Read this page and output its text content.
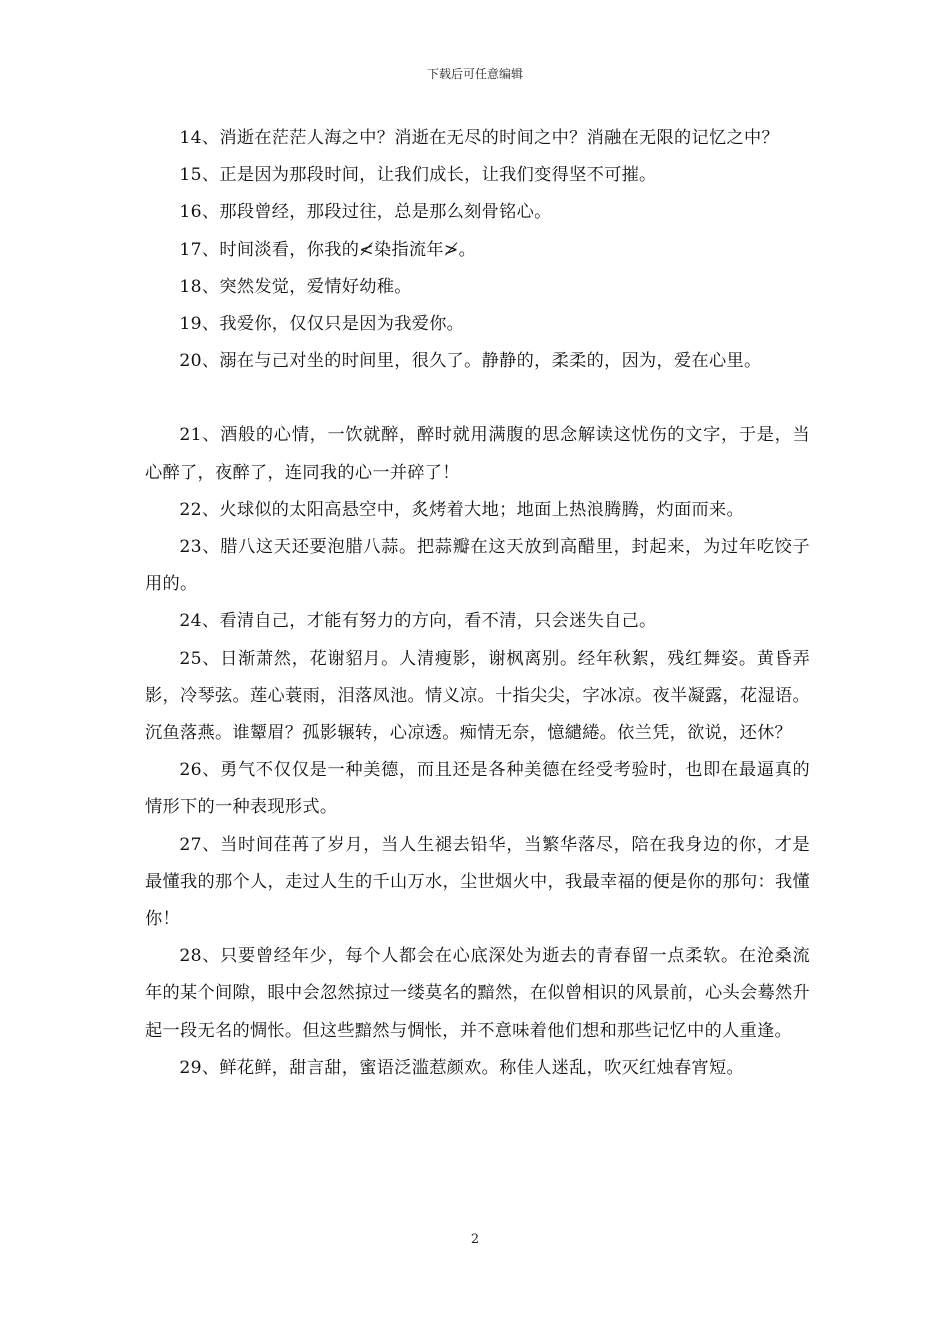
下载后可任意编辑

14、消逝在茫茫人海之中？消逝在无尽的时间之中？消融在无限的记忆之中？

15、正是因为那段时间，让我们成长，让我们变得坚不可摧。

16、那段曾经，那段过往，总是那么刻骨铭心。

17、时间淡看，你我的≮染指流年≯。

18、突然发觉，爱情好幼稚。

19、我爱你，仅仅只是因为我爱你。

20、溺在与己对坐的时间里，很久了。静静的，柔柔的，因为，爱在心里。

21、酒般的心情，一饮就醉，醉时就用满腹的思念解读这忧伤的文字，于是，当心醉了，夜醉了，连同我的心一并碎了！

22、火球似的太阳高悬空中，炙烤着大地；地面上热浪腾腾，灼面而来。

23、腊八这天还要泡腊八蒜。把蒜瓣在这天放到高醋里，封起来，为过年吃饺子用的。

24、看清自己，才能有努力的方向，看不清，只会迷失自己。

25、日渐萧然，花谢貂月。人清瘦影，谢枫离别。经年秋絮，残红舞姿。黄昏弄影，冷琴弦。莲心蓑雨，泪落凤池。情义凉。十指尖尖，字冰凉。夜半凝露，花湿语。沉鱼落燕。谁颦眉？孤影辗转，心凉透。痴情无奈，憶繾綣。依兰凭，欲说，还休？

26、勇气不仅仅是一种美德，而且还是各种美德在经受考验时，也即在最逼真的情形下的一种表现形式。

27、当时间荏苒了岁月，当人生褪去铅华，当繁华落尽，陪在我身边的你，才是最懂我的那个人，走过人生的千山万水，尘世烟火中，我最幸福的便是你的那句：我懂你！

28、只要曾经年少，每个人都会在心底深处为逝去的青春留一点柔软。在沧桑流年的某个间隙，眼中会忽然掠过一缕莫名的黯然，在似曾相识的风景前，心头会蓦然升起一段无名的惆怅。但这些黯然与惆怅，并不意味着他们想和那些记忆中的人重逢。

29、鲜花鲜，甜言甜，蜜语泛滥惹颜欢。称佳人迷乱，吹灭红烛春宵短。

2
